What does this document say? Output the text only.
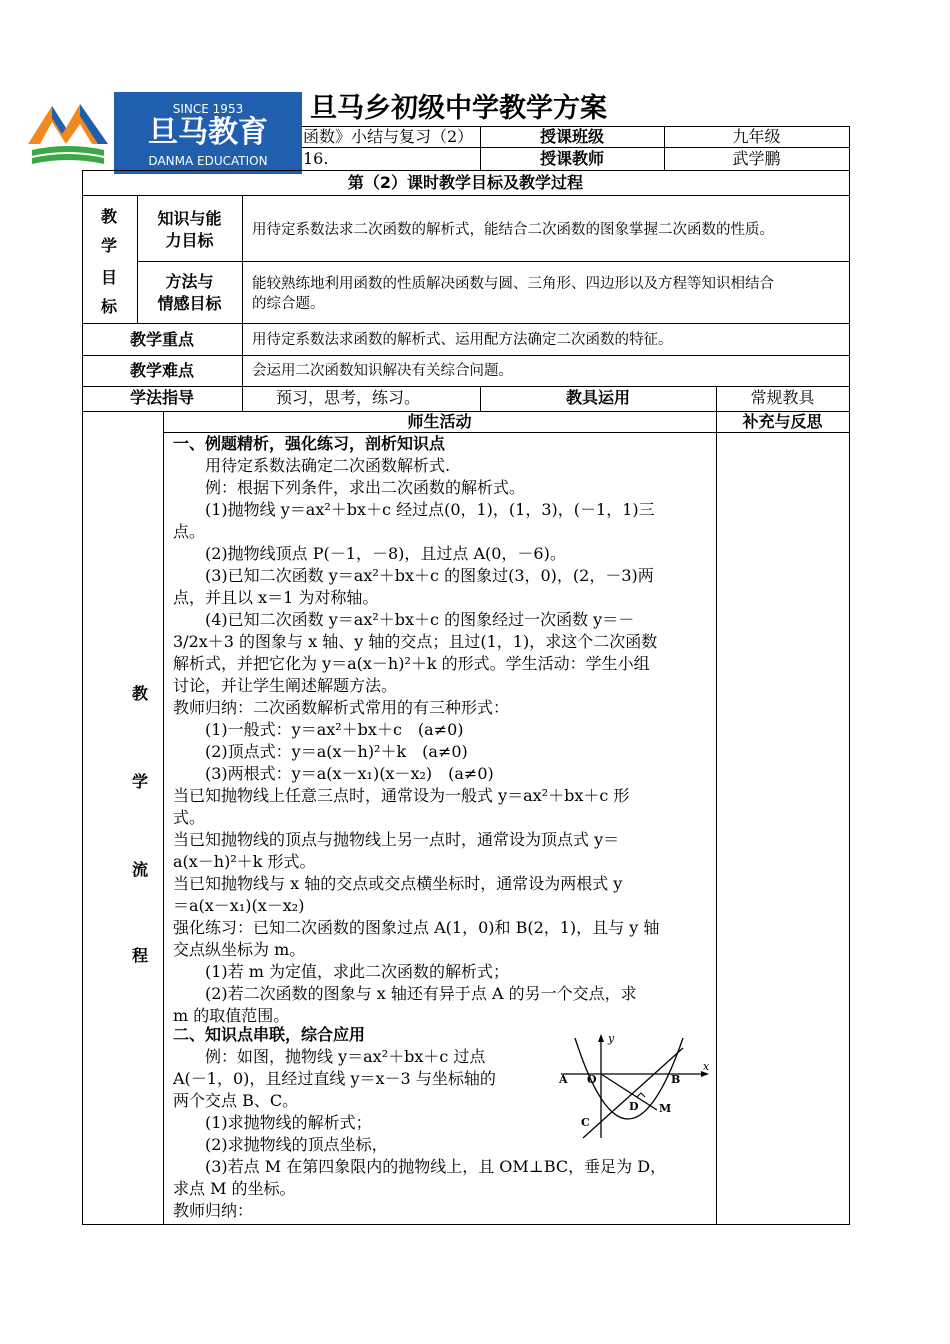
SINCE 1953
旦马教育
DANMA EDUCATION
旦马乡初级中学教学方案
函数》小结与复习（2）
16.
授课班级	九年级
授课教师	武学鹏
第（2）课时教学目标及教学过程
教
学
目
标
知识与能
力目标
用待定系数法求二次函数的解析式，能结合二次函数的图象掌握二次函数的性质。
方法与
情感目标
能较熟练地利用函数的性质解决函数与圆、三角形、四边形以及方程等知识相结合
的综合题。
教学重点	用待定系数法求函数的解析式、运用配方法确定二次函数的特征。
教学难点	会运用二次函数知识解决有关综合问题。
学法指导	预习，思考，练习。	教具运用	常规教具
师生活动	补充与反思
教
学
流
程
一、例题精析，强化练习，剖析知识点
　　用待定系数法确定二次函数解析式.
　　例：根据下列条件，求出二次函数的解析式。
　　(1)抛物线 y＝ax²＋bx＋c 经过点(0，1)，(1，3)，(－1，1)三
点。
　　(2)抛物线顶点 P(－1，－8)，且过点 A(0，－6)。
　　(3)已知二次函数 y＝ax²＋bx＋c 的图象过(3，0)，(2，－3)两
点，并且以 x＝1 为对称轴。
　　(4)已知二次函数 y＝ax²＋bx＋c 的图象经过一次函数 y＝－
3/2x＋3 的图象与 x 轴、y 轴的交点；且过(1，1)，求这个二次函数
解析式，并把它化为 y＝a(x－h)²＋k 的形式。学生活动：学生小组
讨论，并让学生阐述解题方法。
教师归纳：二次函数解析式常用的有三种形式：
　　(1)一般式：y＝ax²＋bx＋c　(a≠0)
　　(2)顶点式：y＝a(x－h)²＋k　(a≠0)
　　(3)两根式：y＝a(x－x₁)(x－x₂)　(a≠0)
当已知抛物线上任意三点时，通常设为一般式 y＝ax²＋bx＋c 形
式。
当已知抛物线的顶点与抛物线上另一点时，通常设为顶点式 y＝
a(x－h)²＋k 形式。
当已知抛物线与 x 轴的交点或交点横坐标时，通常设为两根式 y
＝a(x－x₁)(x－x₂)
强化练习：已知二次函数的图象过点 A(1，0)和 B(2，1)，且与 y 轴
交点纵坐标为 m。
　　(1)若 m 为定值，求此二次函数的解析式；
　　(2)若二次函数的图象与 x 轴还有异于点 A 的另一个交点，求
m 的取值范围。
二、知识点串联，综合应用
　　例：如图，抛物线 y＝ax²＋bx＋c 过点
A(－1，0)，且经过直线 y＝x－3 与坐标轴的
两个交点 B、C。
　　(1)求抛物线的解析式；
　　(2)求抛物线的顶点坐标，
　　(3)若点 M 在第四象限内的抛物线上，且 OM⊥BC，垂足为 D，
求点 M 的坐标。
教师归纳：
y
x
A O	B
D M
C
